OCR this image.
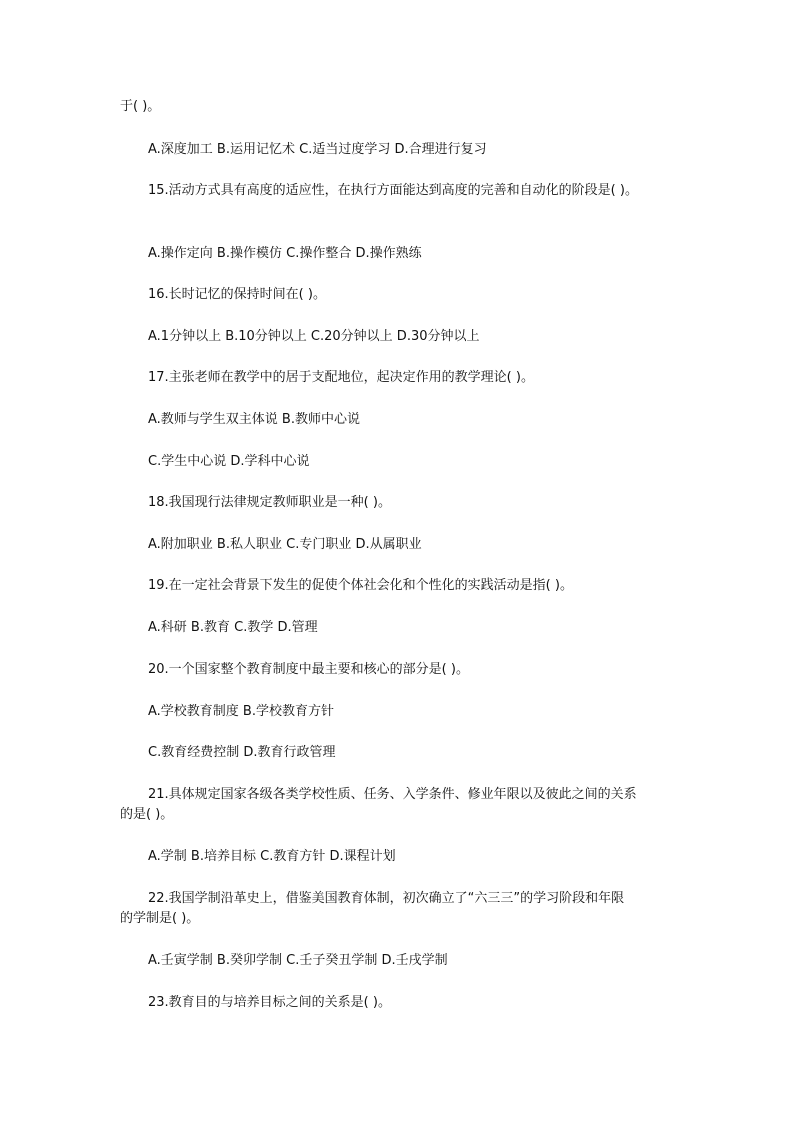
于( )。
A.深度加工 B.运用记忆术 C.适当过度学习 D.合理进行复习
15.活动方式具有高度的适应性，在执行方面能达到高度的完善和自动化的阶段是( )。
A.操作定向 B.操作模仿 C.操作整合 D.操作熟练
16.长时记忆的保持时间在( )。
A.1分钟以上 B.10分钟以上 C.20分钟以上 D.30分钟以上
17.主张老师在教学中的居于支配地位，起决定作用的教学理论( )。
A.教师与学生双主体说 B.教师中心说
C.学生中心说 D.学科中心说
18.我国现行法律规定教师职业是一种( )。
A.附加职业 B.私人职业 C.专门职业 D.从属职业
19.在一定社会背景下发生的促使个体社会化和个性化的实践活动是指( )。
A.科研 B.教育 C.教学 D.管理
20.一个国家整个教育制度中最主要和核心的部分是( )。
A.学校教育制度 B.学校教育方针
C.教育经费控制 D.教育行政管理
21.具体规定国家各级各类学校性质、任务、入学条件、修业年限以及彼此之间的关系
的是( )。
A.学制 B.培养目标 C.教育方针 D.课程计划
22.我国学制沿革史上，借鉴美国教育体制，初次确立了“六三三”的学习阶段和年限
的学制是( )。
A.壬寅学制 B.癸卯学制 C.壬子癸丑学制 D.壬戌学制
23.教育目的与培养目标之间的关系是( )。
